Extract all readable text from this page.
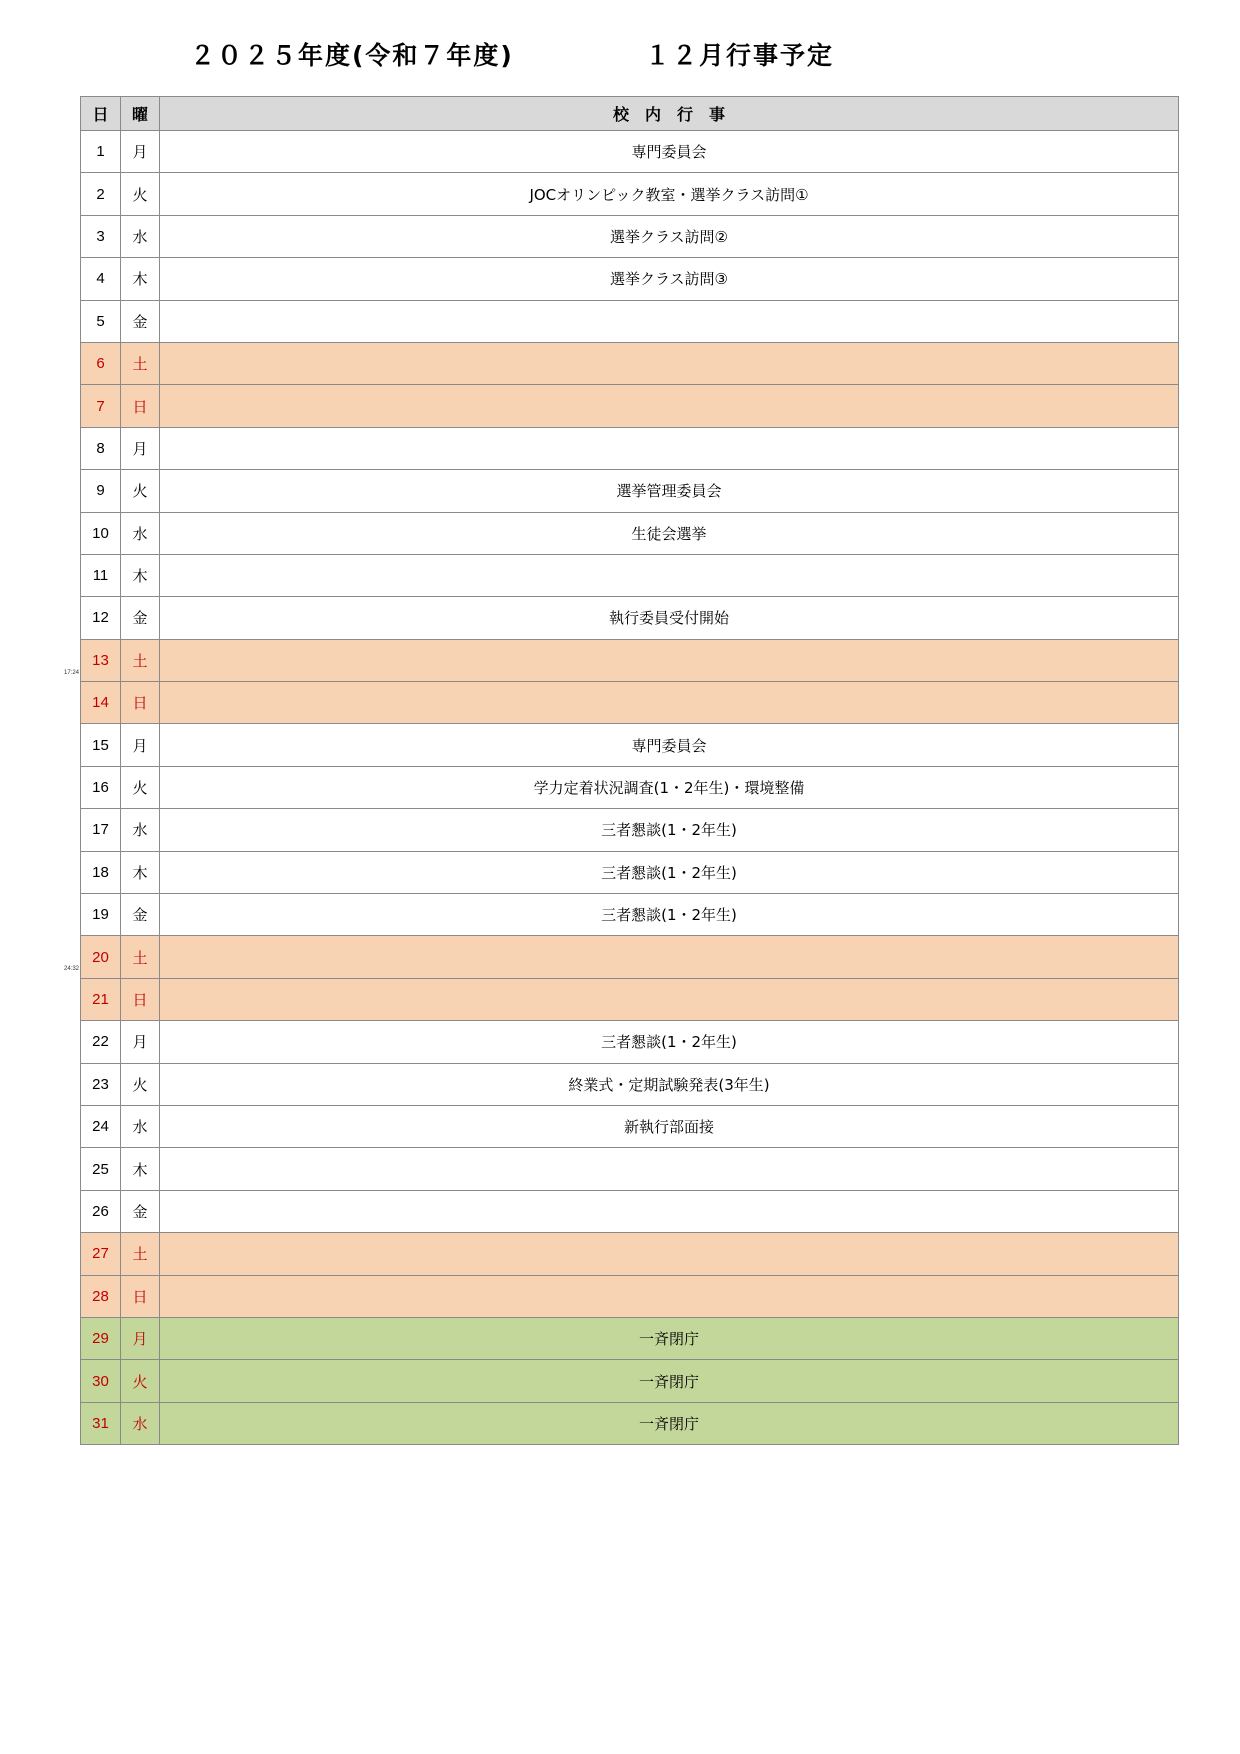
２０２５年度(令和７年度)	１２月行事予定
17:24
24:32
日	曜	校　内　行　事
1	月	専門委員会
2	火	JOCオリンピック教室・選挙クラス訪問①
3	水	選挙クラス訪問②
4	木	選挙クラス訪問③
5	金	
6	土	
7	日	
8	月	
9	火	選挙管理委員会
10	水	生徒会選挙
11	木	
12	金	執行委員受付開始
13	土	
14	日	
15	月	専門委員会
16	火	学力定着状況調査(1・2年生)・環境整備
17	水	三者懇談(1・2年生)
18	木	三者懇談(1・2年生)
19	金	三者懇談(1・2年生)
20	土	
21	日	
22	月	三者懇談(1・2年生)
23	火	終業式・定期試験発表(3年生)
24	水	新執行部面接
25	木	
26	金	
27	土	
28	日	
29	月	一斉閉庁
30	火	一斉閉庁
31	水	一斉閉庁
